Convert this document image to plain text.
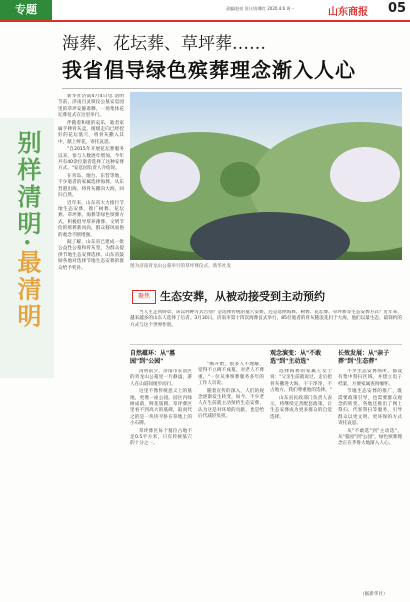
专题	责编/赵亮 设计/苏娜红 2020.4.6 周一	山东商报 05
海葬、花坛葬、草坪葬……
我省倡导绿色殡葬理念渐入人心
别样清明·最清明

新华社济南4月4日电 清明节前，济南百灵殡仪公墓安息园里的草坪安静肃穆，一场集体花坛葬仪式在这里举行。

伴随着和缓的哀乐，逝者家属手捧骨灰盒，缓缓走向已经挖好的花坛墓穴，将骨灰撒入其中，献上鲜花，寄托哀思。

"自2015年开展花坛葬服务以来，参与人数逐年增加，今年共有40余位逝者选择了这种安葬方式。"安息园负责人介绍说。

在青岛、烟台、东营等地，不少逝者的家属选择海葬，从东营港出海，将骨灰撒向大海，回归自然。

近年来，山东省大力推行节地生态安葬，推广树葬、花坛葬、草坪葬、海葬等绿色殡葬方式，积极倡导厚养薄葬、文明节俭的殡葬新风尚，群众移风易俗的观念不断增强。

据了解，山东省已建成一批公益性公墓和骨灰堂，为群众提供节地生态安葬选择。山东省鼓励各地对选择节地生态安葬的群众给予奖补。	图为济南青龙山公墓举行的草坪葬仪式。新华社发
聚焦 生态安葬，从被动接受到主动预约

当人生走到终章，该以何种方式告别？是选择传统的墓穴安葬，还是选择海葬、树葬、花坛葬、草坪葬等生态安葬方式？近年来，越来越多的山东人选择了后者。3月30日，济南市第十四次海葬仪式举行，85位逝者的骨灰随浪花归于大海，他们以最生态、最简约的方式与这个世界作别。

自然蕴环：从"墓园"到"公园"

清明前夕，济南市长清区的青龙山公墓里一片静谧，游人在山道间缓步而行。

这里不像传统意义上的墓地，更像一座公园。园区内绿树成荫，鲜花簇拥，草坪葬区里看不到高大的墓碑，取而代之的是一块块平卧在草地上的小石牌。

草坪葬区每个墓位占地不足0.5平方米，只有传统墓穴的十分之一。

"刚开始，很多人不理解，觉得不立碑不成墓，对老人不尊重。"一位从事殡葬服务多年的工作人员说。

随着宣传的深入，人们的观念逐渐发生转变。如今，不少老人在生前就主动预约生态安葬，认为这是对环境的贡献，也是给后代减轻负担。

观念演变：从"不敢选"到"主动选"

选择海葬的家属王女士说："父亲生前就说过，走后把骨灰撒进大海，干干净净，不占地方。我们尊重他的选择。"

山东省民政部门负责人表示，将继续完善配套政策，让生态安葬成为更多群众的自觉选择。

长效发展：从"亲子葬"到"生态葬"

不少生态安葬场所，都设有集中祭扫区域，并建立电子档案，方便家属查询缅怀。

节地生态安葬的推广，既需要政策引导，也需要群众观念的转变。各地还推出了网上祭扫、代客祭扫等服务，引导群众以更文明、更环保的方式寄托哀思。

从"不敢选"到"主动选"，从"墓园"到"公园"，绿色殡葬理念正在齐鲁大地渐入人心。

（据新华社）
